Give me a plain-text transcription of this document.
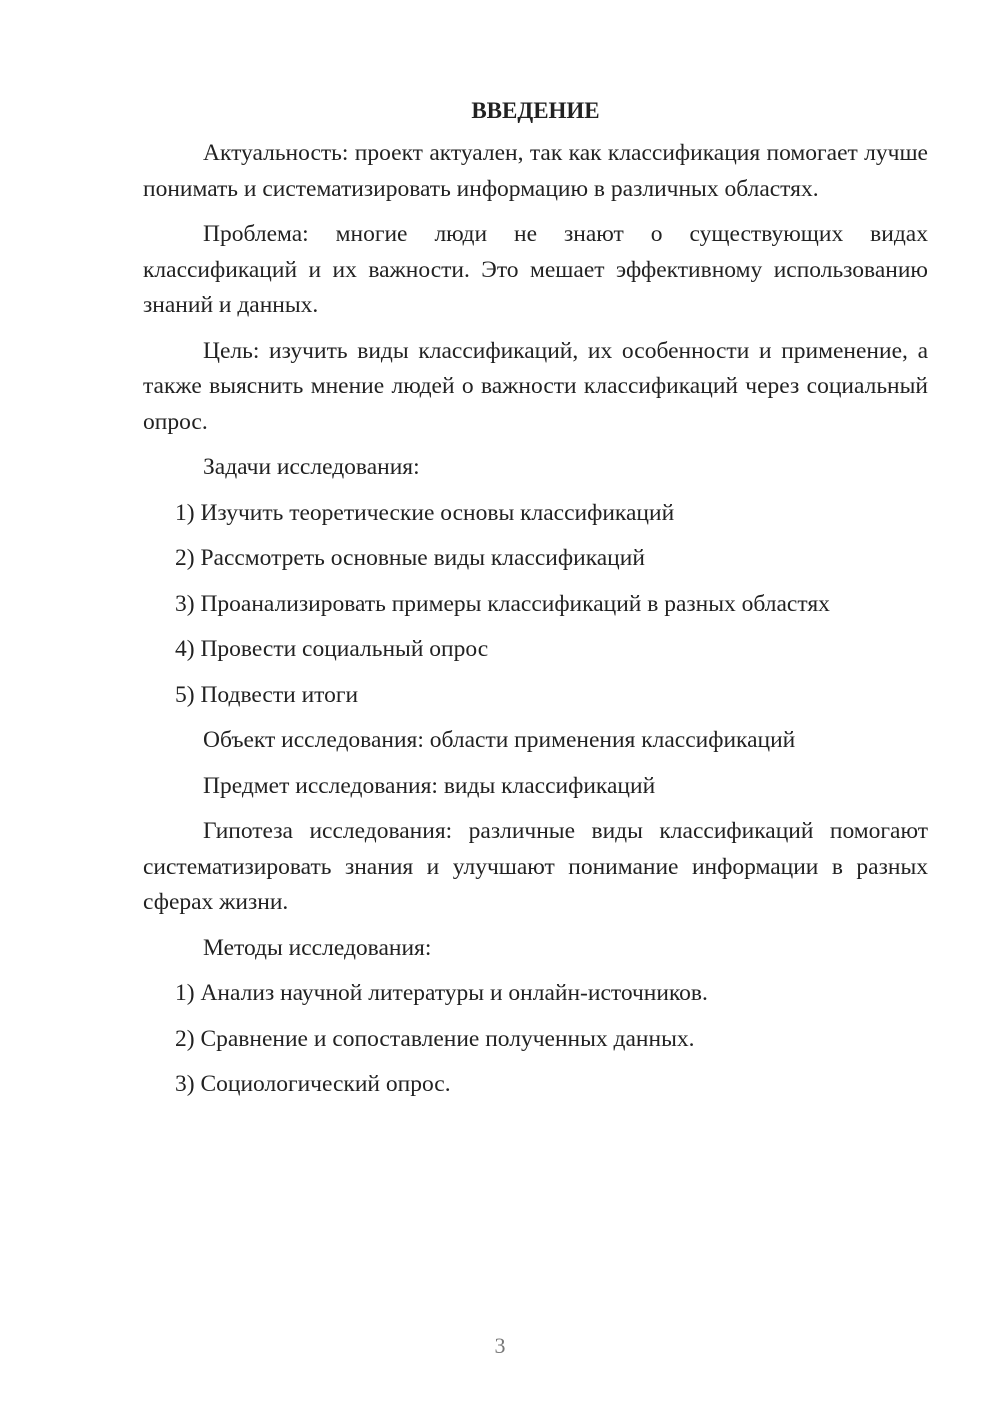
ВВЕДЕНИЕ

Актуальность: проект актуален, так как классификация помогает лучше понимать и систематизировать информацию в различных областях.

Проблема: многие люди не знают о существующих видах классификаций и их важности. Это мешает эффективному использованию знаний и данных.

Цель: изучить виды классификаций, их особенности и применение, а также выяснить мнение людей о важности классификаций через социальный опрос.

Задачи исследования:
1) Изучить теоретические основы классификаций
2) Рассмотреть основные виды классификаций
3) Проанализировать примеры классификаций в разных областях
4) Провести социальный опрос
5) Подвести итоги
Объект исследования: области применения классификаций
Предмет исследования: виды классификаций

Гипотеза исследования: различные виды классификаций помогают систематизировать знания и улучшают понимание информации в разных сферах жизни.

Методы исследования:
1) Анализ научной литературы и онлайн-источников.
2) Сравнение и сопоставление полученных данных.
3) Социологический опрос.
3
